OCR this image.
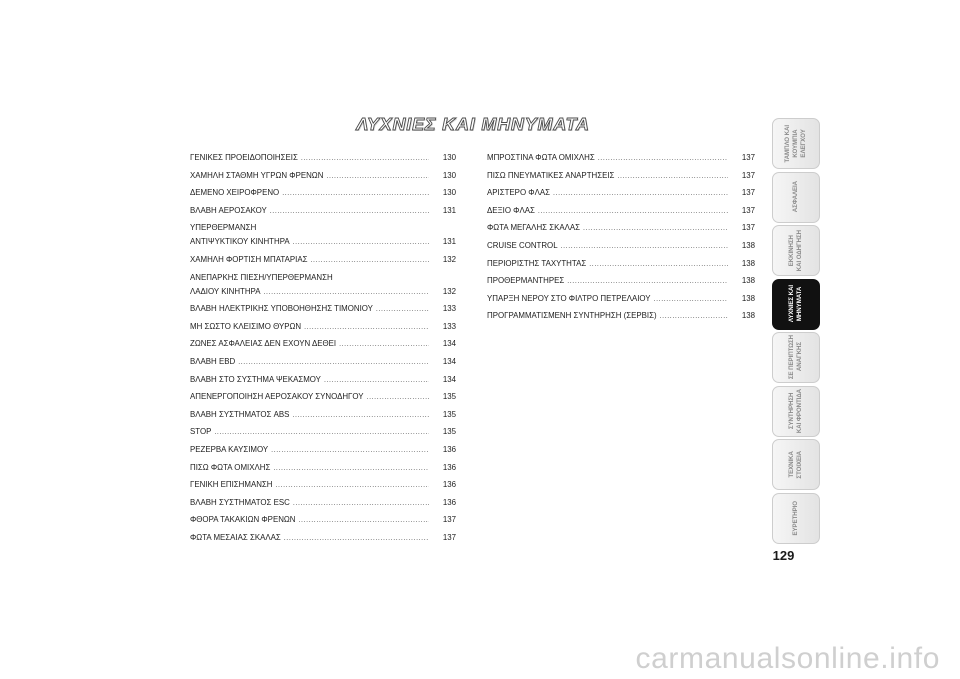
ΛΥΧΝΙΕΣ ΚΑΙ ΜΗΝΥΜΑΤΑ
ΓΕΝΙΚΕΣ ΠΡΟΕΙΔΟΠΟΙΗΣΕΙΣ .....	130
ΧΑΜΗΛΗ ΣΤΑΘΜΗ ΥΓΡΩΝ ΦΡΕΝΩΝ .....	130
ΔΕΜΕΝΟ ΧΕΙΡΟΦΡΕΝΟ .....	130
ΒΛΑΒΗ ΑΕΡΟΣΑΚΟΥ .....	131
ΥΠΕΡΘΕΡΜΑΝΣΗ
ΑΝΤΙΨΥΚΤΙΚΟΥ ΚΙΝΗΤΗΡΑ .....	131
ΧΑΜΗΛΗ ΦΟΡΤΙΣΗ ΜΠΑΤΑΡΙΑΣ .....	132
ΑΝΕΠΑΡΚΗΣ ΠΙΕΣΗ/ΥΠΕΡΘΕΡΜΑΝΣΗ
ΛΑΔΙΟΥ ΚΙΝΗΤΗΡΑ .....	132
ΒΛΑΒΗ ΗΛΕΚΤΡΙΚΗΣ ΥΠΟΒΟΗΘΗΣΗΣ ΤΙΜΟΝΙΟΥ .....	133
ΜΗ ΣΩΣΤΟ ΚΛΕΙΣΙΜΟ ΘΥΡΩΝ .....	133
ΖΩΝΕΣ ΑΣΦΑΛΕΙΑΣ ΔΕΝ ΕΧΟΥΝ ΔΕΘΕΙ .....	134
ΒΛΑΒΗ EBD .....	134
ΒΛΑΒΗ ΣΤΟ ΣΥΣΤΗΜΑ ΨΕΚΑΣΜΟΥ .....	134
ΑΠΕΝΕΡΓΟΠΟΙΗΣΗ ΑΕΡΟΣΑΚΟΥ ΣΥΝΟΔΗΓΟΥ .....	135
ΒΛΑΒΗ ΣΥΣΤΗΜΑΤΟΣ ABS .....	135
STOP .....	135
ΡΕΖΕΡΒΑ ΚΑΥΣΙΜΟΥ .....	136
ΠΙΣΩ ΦΩΤΑ ΟΜΙΧΛΗΣ .....	136
ΓΕΝΙΚΗ ΕΠΙΣΗΜΑΝΣΗ .....	136
ΒΛΑΒΗ ΣΥΣΤΗΜΑΤΟΣ ESC .....	136
ΦΘΟΡΑ ΤΑΚΑΚΙΩΝ ΦΡΕΝΩΝ .....	137
ΦΩΤΑ ΜΕΣΑΙΑΣ ΣΚΑΛΑΣ .....	137
ΜΠΡΟΣΤΙΝΑ ΦΩΤΑ ΟΜΙΧΛΗΣ .....	137
ΠΙΣΩ ΠΝΕΥΜΑΤΙΚΕΣ ΑΝΑΡΤΗΣΕΙΣ .....	137
ΑΡΙΣΤΕΡΟ ΦΛΑΣ .....	137
ΔΕΞΙΟ ΦΛΑΣ .....	137
ΦΩΤΑ ΜΕΓΑΛΗΣ ΣΚΑΛΑΣ .....	137
CRUISE CONTROL .....	138
ΠΕΡΙΟΡΙΣΤΗΣ ΤΑΧΥΤΗΤΑΣ .....	138
ΠΡΟΘΕΡΜΑΝΤΗΡΕΣ .....	138
ΥΠΑΡΞΗ ΝΕΡΟΥ ΣΤΟ ΦΙΛΤΡΟ ΠΕΤΡΕΛΑΙΟΥ .....	138
ΠΡΟΓΡΑΜΜΑΤΙΣΜΕΝΗ ΣΥΝΤΗΡΗΣΗ (ΣΕΡΒΙΣ) .....	138
ΤΑΜΠΛΟ ΚΑΙ ΚΟΥΜΠΙΑ ΕΛΕΓΧΟΥ
ΑΣΦΑΛΕΙΑ
ΕΚΚΙΝΗΣΗ ΚΑΙ ΟΔΗΓΗΣΗ
ΛΥΧΝΙΕΣ ΚΑΙ ΜΗΝΥΜΑΤΑ
ΣΕ ΠΕΡΙΠΤΩΣΗ ΑΝΑΓΚΗΣ
ΣΥΝΤΗΡΗΣΗ ΚΑΙ ΦΡΟΝΤΙΔΑ
ΤΕΧΝΙΚΑ ΣΤΟΙΧΕΙΑ
ΕΥΡΕΤΗΡΙΟ
129
carmanualsonline.info
